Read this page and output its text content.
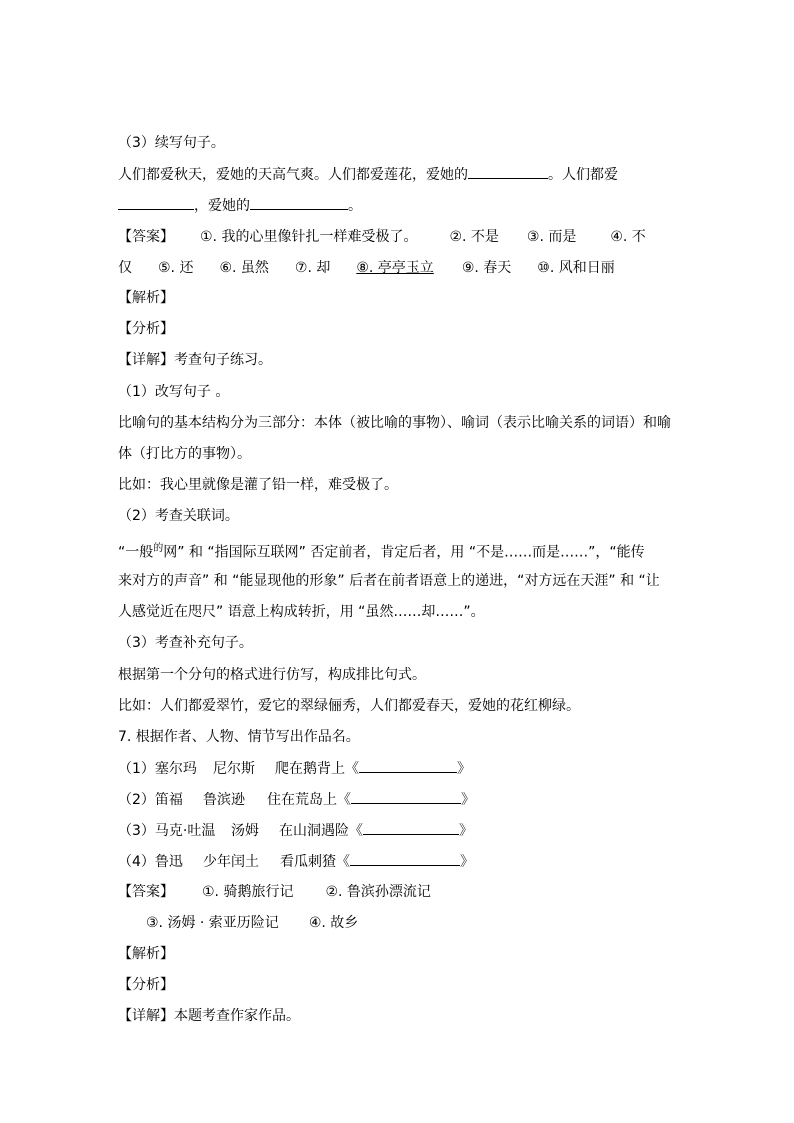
（3）续写句子。
人们都爱秋天，爱她的天高气爽。人们都爱莲花，爱她的	。人们都爱
，爱她的	。
【答案】 ①. 我的心里像针扎一样难受极了。 ②. 不是 ③. 而是 ④. 不
仅 ⑤. 还 ⑥. 虽然 ⑦. 却 ⑧. 亭亭玉立 ⑨. 春天 ⑩. 风和日丽
【解析】
【分析】
【详解】考查句子练习。
（1）改写句子 。
比喻句的基本结构分为三部分：本体（被比喻的事物）、喻词（表示比喻关系的词语）和喻
体（打比方的事物）。
比如：我心里就像是灌了铅一样，难受极了。
（2）考查关联词。
“一般$^的$网” 和 “指国际互联网” 否定前者，肯定后者，用 “不是……而是……”，“能传
来对方的声音” 和 “能显现他的形象” 后者在前者语意上的递进，“对方远在天涯” 和 “让
人感觉近在咫尺” 语意上构成转折，用 “虽然……却……”。
（3）考查补充句子。
根据第一个分句的格式进行仿写，构成排比句式。
比如：人们都爱翠竹，爱它的翠绿俪秀，人们都爱春天，爱她的花红柳绿。
7. 根据作者、人物、情节写出作品名。
（1）塞尔玛 尼尔斯 爬在鹅背上《	》
（2）笛福 鲁滨逊 住在荒岛上《	》
（3）马克·吐温 汤姆 在山洞遇险《	》
（4）鲁迅 少年闰土 看瓜刺猹《	》
【答案】 ①. 骑鹅旅行记 ②. 鲁滨孙漂流记
③. 汤姆 · 索亚历险记 ④. 故乡
【解析】
【分析】
【详解】本题考查作家作品。
